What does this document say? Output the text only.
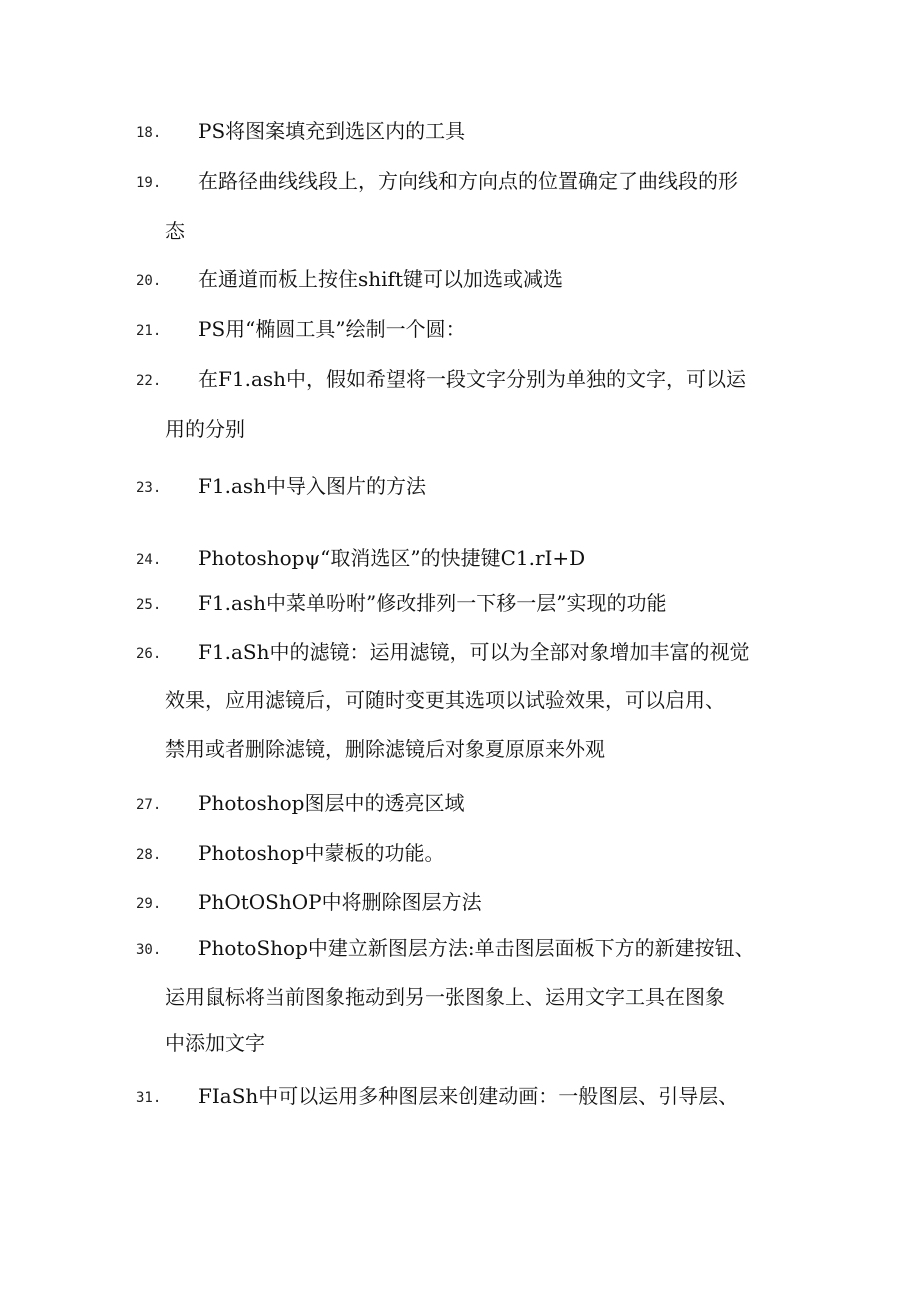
18. PS将图案填充到选区内的工具
19. 在路径曲线线段上，方向线和方向点的位置确定了曲线段的形
态
20. 在通道而板上按住shift键可以加选或减选
21. PS用“椭圆工具”绘制一个圆：
22. 在F1.ash中，假如希望将一段文字分别为单独的文字，可以运
用的分别
23. F1.ash中导入图片的方法
24. Photoshopψ“取消选区”的快捷键C1.rI+D
25. F1.ash中菜单吩咐”修改排列一下移一层”实现的功能
26. F1.aSh中的滤镜：运用滤镜，可以为全部对象增加丰富的视觉
效果，应用滤镜后，可随时变更其选项以试验效果，可以启用、
禁用或者删除滤镜，删除滤镜后对象夏原原来外观
27. Photoshop图层中的透亮区域
28. Photoshop中蒙板的功能。
29. PhOtOShOP中将删除图层方法
30. PhotoShop中建立新图层方法:单击图层面板下方的新建按钮、
运用鼠标将当前图象拖动到另一张图象上、运用文字工具在图象
中添加文字
31. FIaSh中可以运用多种图层来创建动画：一般图层、引导层、
